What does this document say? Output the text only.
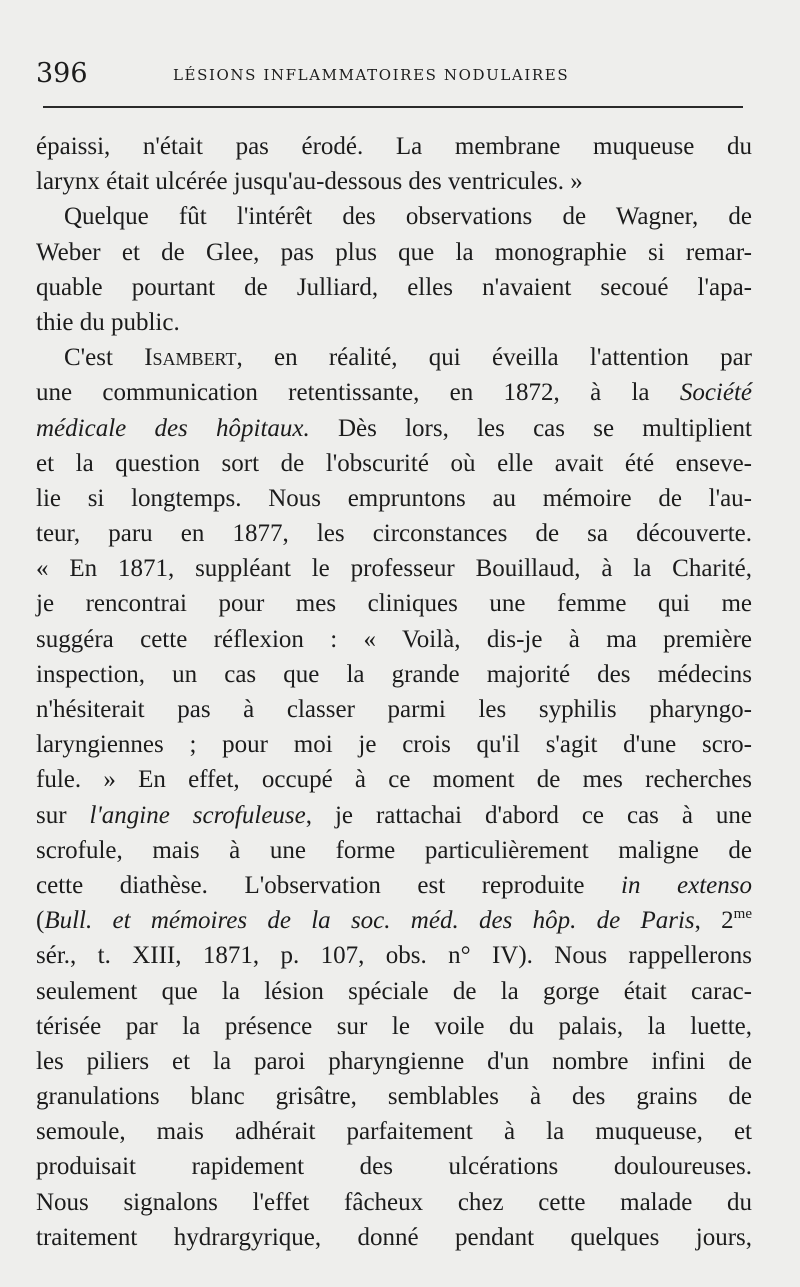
396	LÉSIONS INFLAMMATOIRES NODULAIRES
épaissi, n'était pas érodé. La membrane muqueuse du
larynx était ulcérée jusqu'au-dessous des ventricules. »
Quelque fût l'intérêt des observations de Wagner, de
Weber et de Glee, pas plus que la monographie si remar-
quable pourtant de Julliard, elles n'avaient secoué l'apa-
thie du public.
C'est Isambert, en réalité, qui éveilla l'attention par
une communication retentissante, en 1872, à la Société
médicale des hôpitaux. Dès lors, les cas se multiplient
et la question sort de l'obscurité où elle avait été enseve-
lie si longtemps. Nous empruntons au mémoire de l'au-
teur, paru en 1877, les circonstances de sa découverte.
« En 1871, suppléant le professeur Bouillaud, à la Charité,
je rencontrai pour mes cliniques une femme qui me
suggéra cette réflexion : « Voilà, dis-je à ma première
inspection, un cas que la grande majorité des médecins
n'hésiterait pas à classer parmi les syphilis pharyngo-
laryngiennes ; pour moi je crois qu'il s'agit d'une scro-
fule. » En effet, occupé à ce moment de mes recherches
sur l'angine scrofuleuse, je rattachai d'abord ce cas à une
scrofule, mais à une forme particulièrement maligne de
cette diathèse. L'observation est reproduite in extenso
(Bull. et mémoires de la soc. méd. des hôp. de Paris, $2^{me}$
sér., t. XIII, 1871, p. 107, obs. n° IV). Nous rappellerons
seulement que la lésion spéciale de la gorge était carac-
térisée par la présence sur le voile du palais, la luette,
les piliers et la paroi pharyngienne d'un nombre infini de
granulations blanc grisâtre, semblables à des grains de
semoule, mais adhérait parfaitement à la muqueuse, et
produisait rapidement des ulcérations douloureuses.
Nous signalons l'effet fâcheux chez cette malade du
traitement hydrargyrique, donné pendant quelques jours,
